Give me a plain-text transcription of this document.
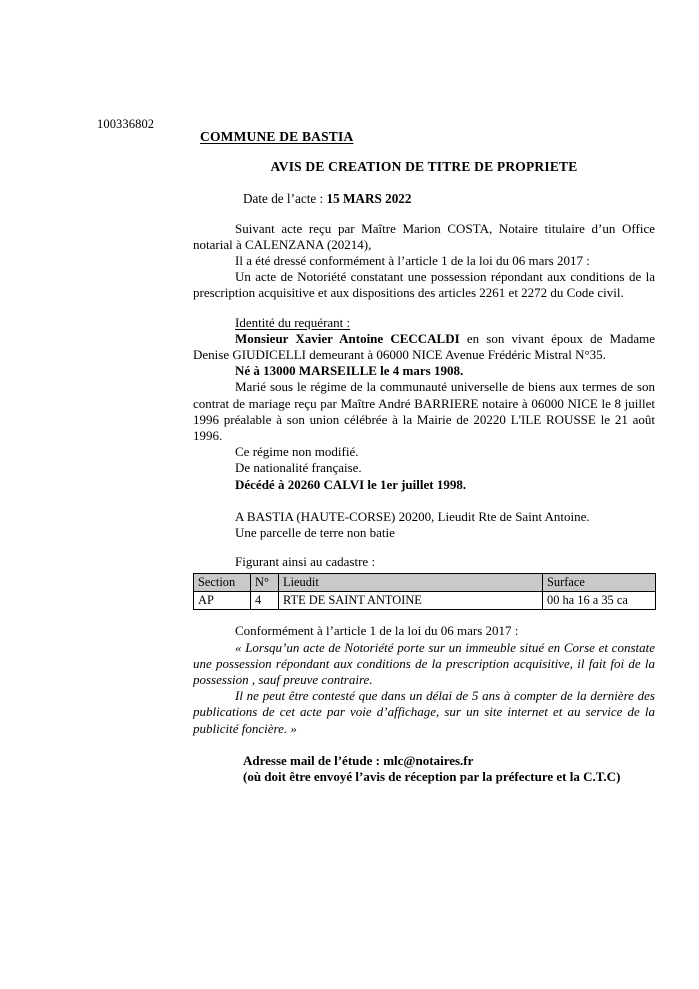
100336802
COMMUNE DE BASTIA
AVIS DE CREATION DE TITRE DE PROPRIETE
Date de l’acte : 15 MARS 2022

Suivant acte reçu par Maître Marion COSTA, Notaire titulaire d’un Office notarial à CALENZANA (20214),

Il a été dressé conformément à l’article 1 de la loi du 06 mars 2017 :

Un acte de Notoriété constatant une possession répondant aux conditions de la prescription acquisitive et aux dispositions des articles 2261 et 2272 du Code civil.

Identité du requérant :

Monsieur Xavier Antoine CECCALDI en son vivant époux de Madame Denise GIUDICELLI demeurant à 06000 NICE Avenue Frédéric Mistral N°35.

Né à 13000 MARSEILLE le 4 mars 1908.

Marié sous le régime de la communauté universelle de biens aux termes de son contrat de mariage reçu par Maître André BARRIERE notaire à 06000 NICE le 8 juillet 1996 préalable à son union célébrée à la Mairie de 20220 L'ILE ROUSSE le 21 août 1996.

Ce régime non modifié.

De nationalité française.

Décédé à 20260 CALVI le 1er juillet 1998.

A BASTIA (HAUTE-CORSE) 20200, Lieudit Rte de Saint Antoine.

Une parcelle de terre non batie

Figurant ainsi au cadastre :

Section	N°	Lieudit	Surface
AP	4	RTE DE SAINT ANTOINE	00 ha 16 a 35 ca

Conformément à l’article 1 de la loi du 06 mars 2017 :

« Lorsqu’un acte de Notoriété porte sur un immeuble situé en Corse et constate une possession répondant aux conditions de la prescription acquisitive, il fait foi de la possession , sauf preuve contraire.

Il ne peut être contesté que dans un délai de 5 ans à compter de la dernière des publications de cet acte par voie d’affichage, sur un site internet et au service de la publicité foncière. »

Adresse mail de l’étude : mlc@notaires.fr

(où doit être envoyé l’avis de réception par la préfecture et la C.T.C)
